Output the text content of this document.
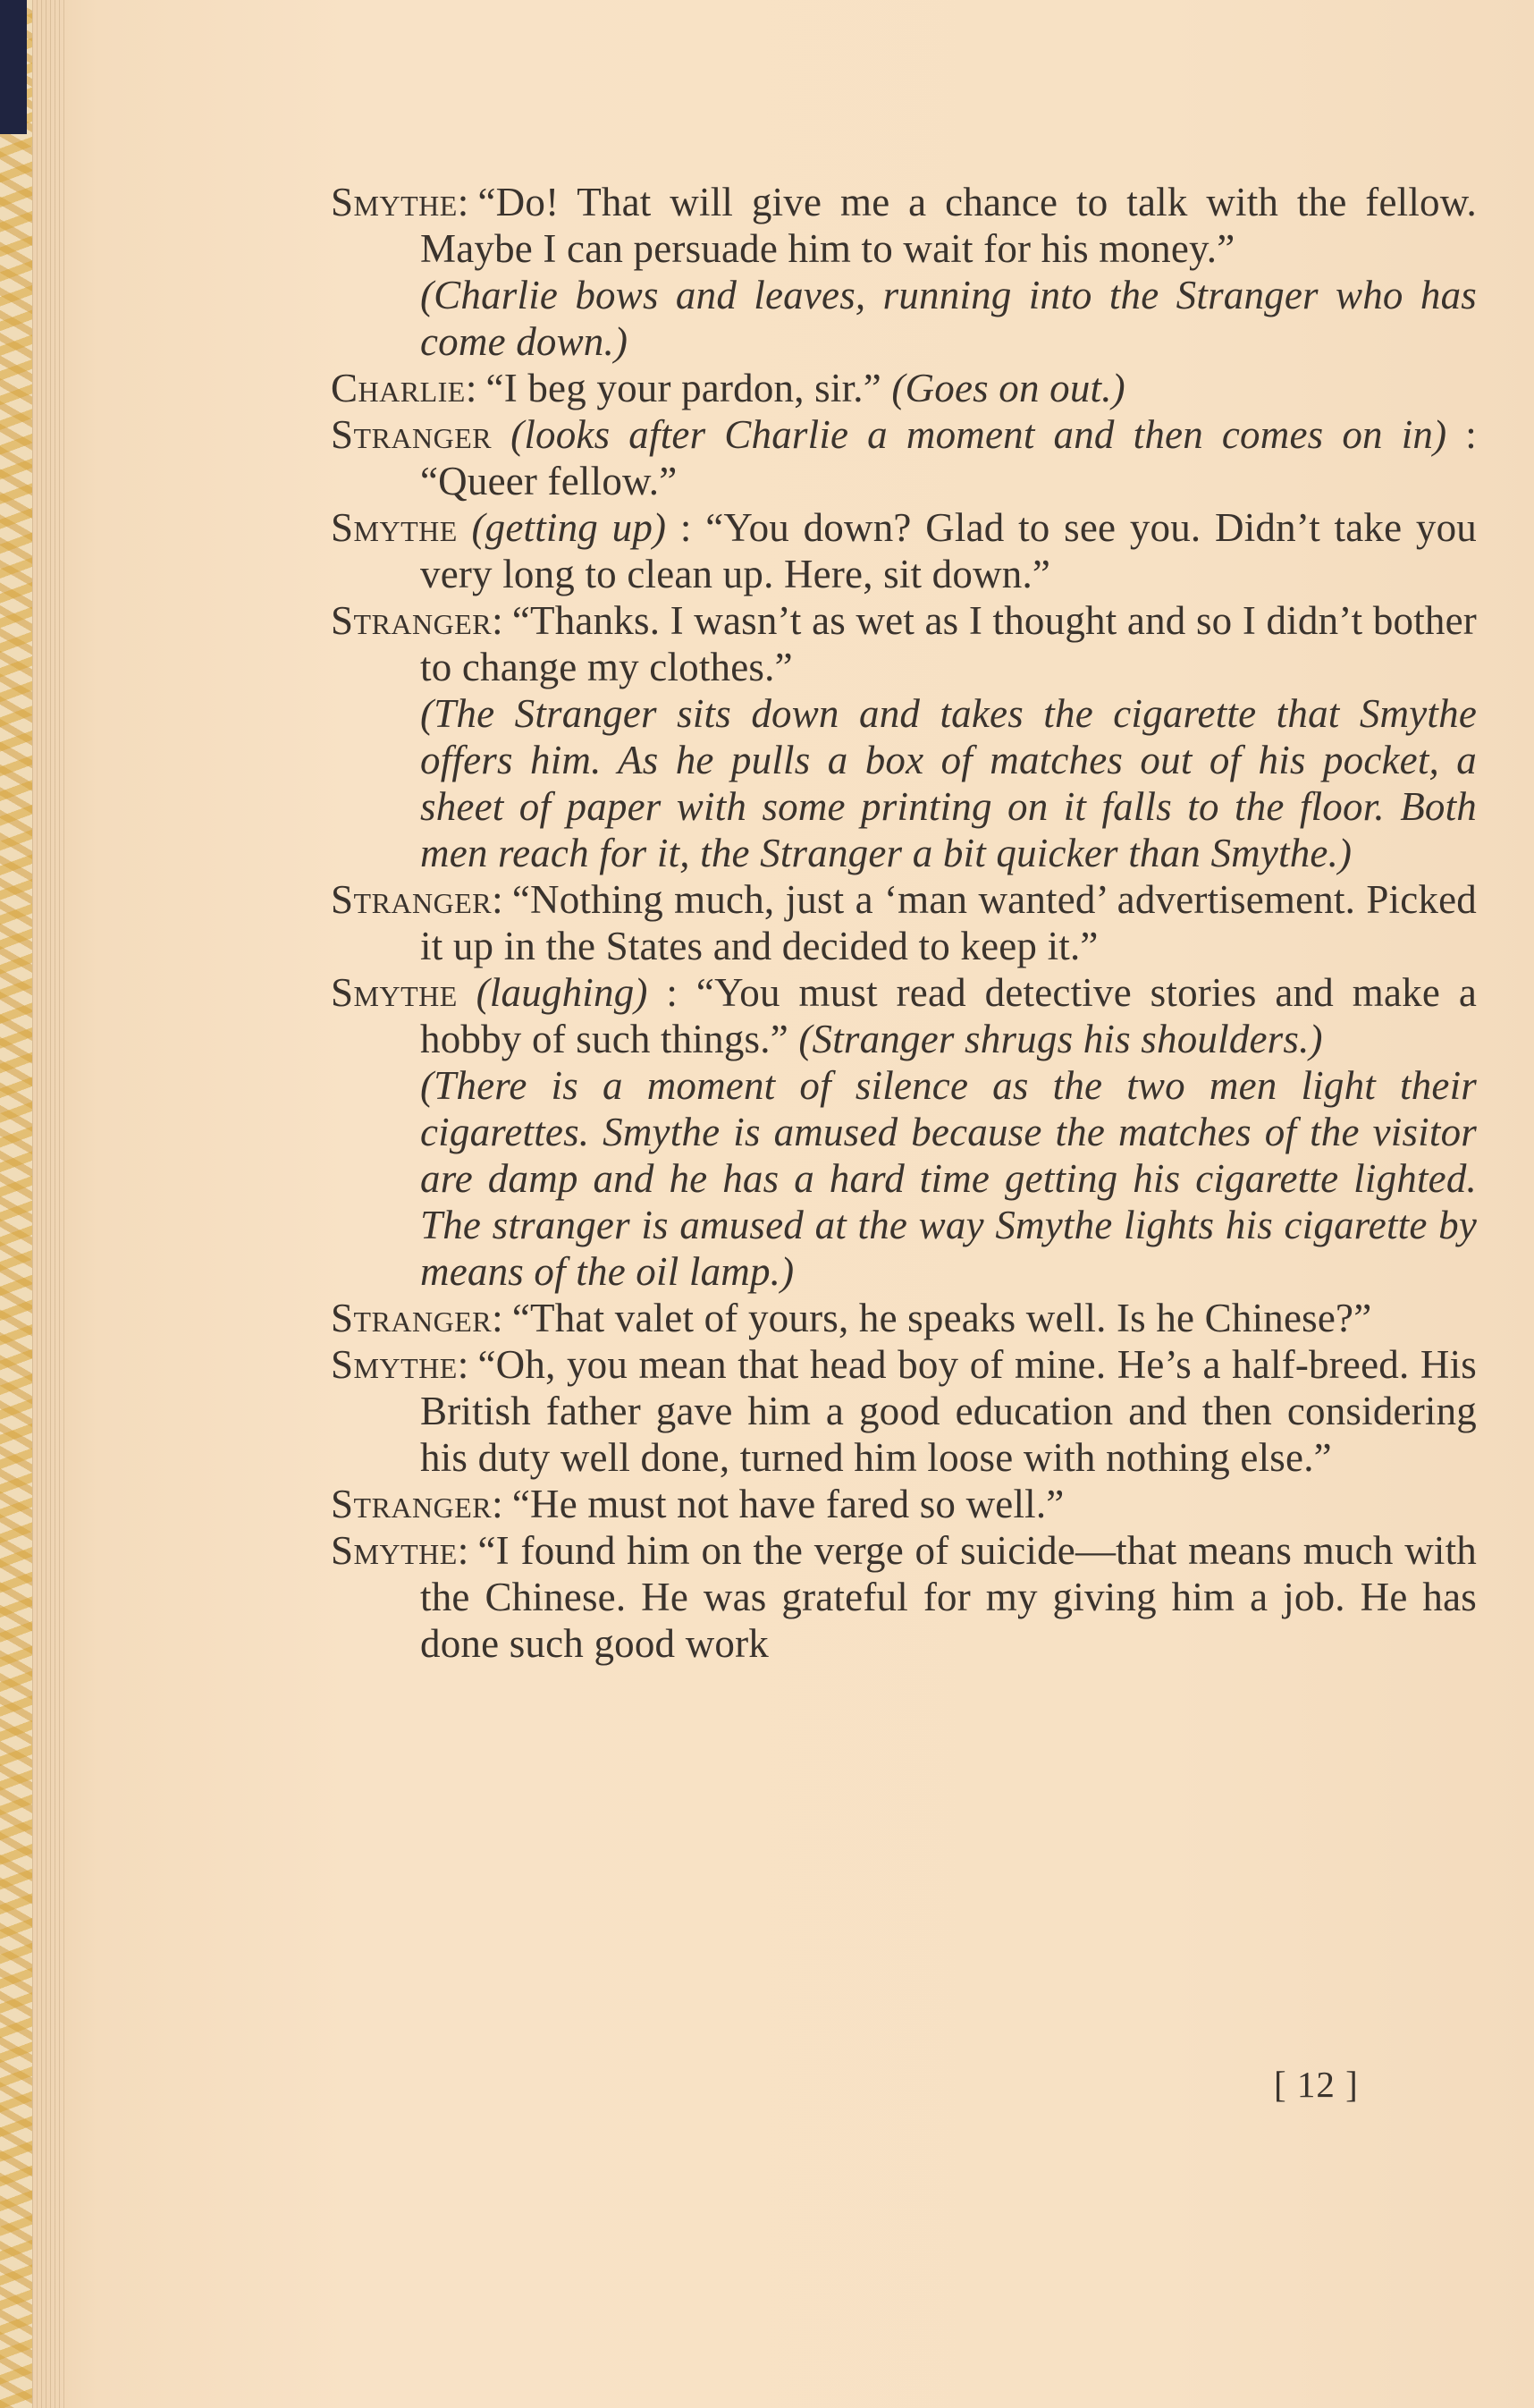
Smythe: “Do! That will give me a chance to talk with the fellow. Maybe I can persuade him to wait for his money.”

(Charlie bows and leaves, running into the Stranger who has come down.)

Charlie: “I beg your pardon, sir.” (Goes on out.)

Stranger (looks after Charlie a moment and then comes on in) : “Queer fellow.”

Smythe (getting up) : “You down? Glad to see you. Didn’t take you very long to clean up. Here, sit down.”

Stranger: “Thanks. I wasn’t as wet as I thought and so I didn’t bother to change my clothes.”

(The Stranger sits down and takes the cigarette that Smythe offers him. As he pulls a box of matches out of his pocket, a sheet of paper with some printing on it falls to the floor. Both men reach for it, the Stranger a bit quicker than Smythe.)

Stranger: “Nothing much, just a ‘man wanted’ advertisement. Picked it up in the States and decided to keep it.”

Smythe (laughing) : “You must read detective stories and make a hobby of such things.” (Stranger shrugs his shoulders.)

(There is a moment of silence as the two men light their cigarettes. Smythe is amused because the matches of the visitor are damp and he has a hard time getting his cigarette lighted. The stranger is amused at the way Smythe lights his cigarette by means of the oil lamp.)

Stranger: “That valet of yours, he speaks well. Is he Chinese?”

Smythe: “Oh, you mean that head boy of mine. He’s a half-breed. His British father gave him a good education and then considering his duty well done, turned him loose with nothing else.”

Stranger: “He must not have fared so well.”

Smythe: “I found him on the verge of suicide—that means much with the Chinese. He was grateful for my giving him a job. He has done such good work

[ 12 ]
